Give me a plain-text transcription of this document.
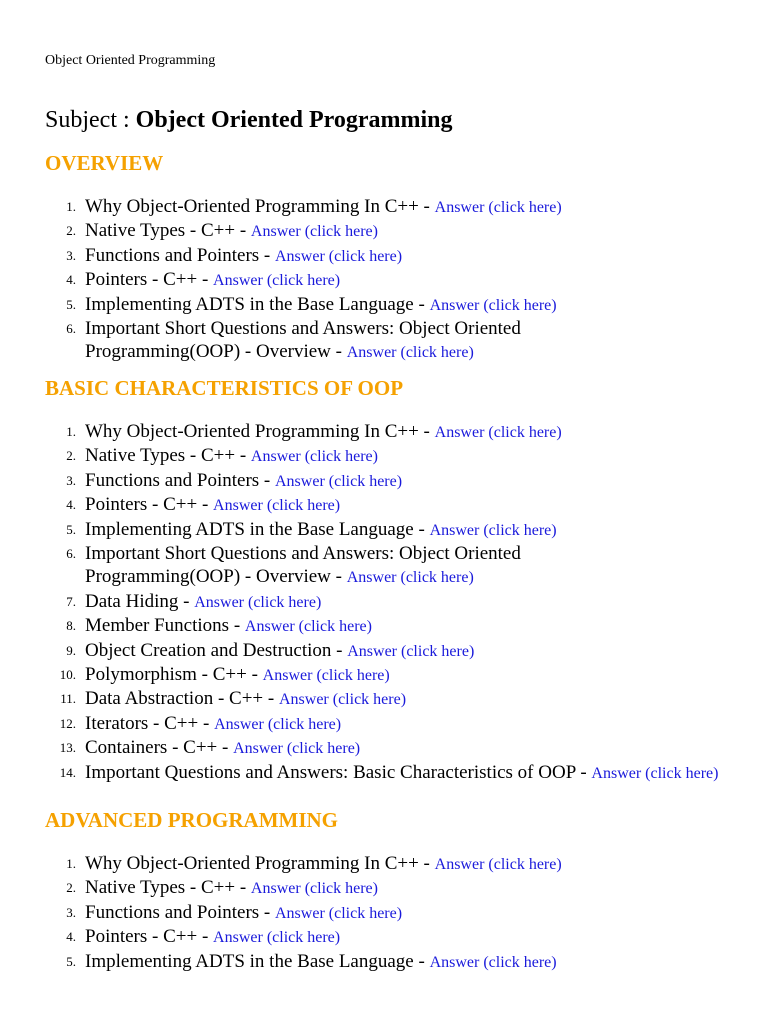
Object Oriented Programming
Subject : Object Oriented Programming
OVERVIEW
1. Why Object-Oriented Programming In C++ - Answer (click here)
2. Native Types - C++ - Answer (click here)
3. Functions and Pointers - Answer (click here)
4. Pointers - C++ - Answer (click here)
5. Implementing ADTS in the Base Language - Answer (click here)
6. Important Short Questions and Answers: Object Oriented Programming(OOP) - Overview - Answer (click here)
BASIC CHARACTERISTICS OF OOP
1. Why Object-Oriented Programming In C++ - Answer (click here)
2. Native Types - C++ - Answer (click here)
3. Functions and Pointers - Answer (click here)
4. Pointers - C++ - Answer (click here)
5. Implementing ADTS in the Base Language - Answer (click here)
6. Important Short Questions and Answers: Object Oriented Programming(OOP) - Overview - Answer (click here)
7. Data Hiding - Answer (click here)
8. Member Functions - Answer (click here)
9. Object Creation and Destruction - Answer (click here)
10. Polymorphism - C++ - Answer (click here)
11. Data Abstraction - C++ - Answer (click here)
12. Iterators - C++ - Answer (click here)
13. Containers - C++ - Answer (click here)
14. Important Questions and Answers: Basic Characteristics of OOP - Answer (click here)
ADVANCED PROGRAMMING
1. Why Object-Oriented Programming In C++ - Answer (click here)
2. Native Types - C++ - Answer (click here)
3. Functions and Pointers - Answer (click here)
4. Pointers - C++ - Answer (click here)
5. Implementing ADTS in the Base Language - Answer (click here)
